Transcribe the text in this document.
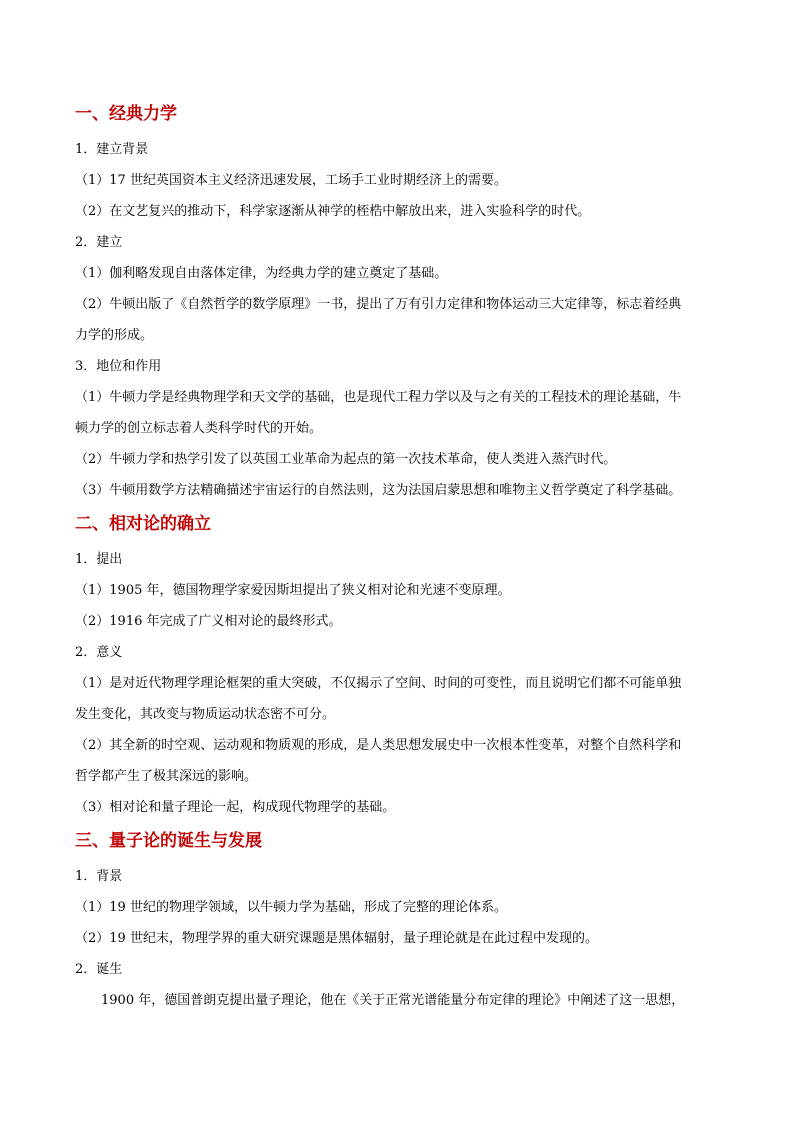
一、经典力学
1．建立背景
（1）17 世纪英国资本主义经济迅速发展，工场手工业时期经济上的需要。
（2）在文艺复兴的推动下，科学家逐渐从神学的桎梏中解放出来，进入实验科学的时代。
2．建立
（1）伽利略发现自由落体定律，为经典力学的建立奠定了基础。
（2）牛顿出版了《自然哲学的数学原理》一书，提出了万有引力定律和物体运动三大定律等，标志着经典
力学的形成。
3．地位和作用
（1）牛顿力学是经典物理学和天文学的基础，也是现代工程力学以及与之有关的工程技术的理论基础，牛
顿力学的创立标志着人类科学时代的开始。
（2）牛顿力学和热学引发了以英国工业革命为起点的第一次技术革命，使人类进入蒸汽时代。
（3）牛顿用数学方法精确描述宇宙运行的自然法则，这为法国启蒙思想和唯物主义哲学奠定了科学基础。
二、相对论的确立
1．提出
（1）1905 年，德国物理学家爱因斯坦提出了狭义相对论和光速不变原理。
（2）1916 年完成了广义相对论的最终形式。
2．意义
（1）是对近代物理学理论框架的重大突破，不仅揭示了空间、时间的可变性，而且说明它们都不可能单独
发生变化，其改变与物质运动状态密不可分。
（2）其全新的时空观、运动观和物质观的形成，是人类思想发展史中一次根本性变革，对整个自然科学和
哲学都产生了极其深远的影响。
（3）相对论和量子理论一起，构成现代物理学的基础。
三、量子论的诞生与发展
1．背景
（1）19 世纪的物理学领域，以牛顿力学为基础，形成了完整的理论体系。
（2）19 世纪末，物理学界的重大研究课题是黑体辐射，量子理论就是在此过程中发现的。
2．诞生
1900 年，德国普朗克提出量子理论，他在《关于正常光谱能量分布定律的理论》中阐述了这一思想，
